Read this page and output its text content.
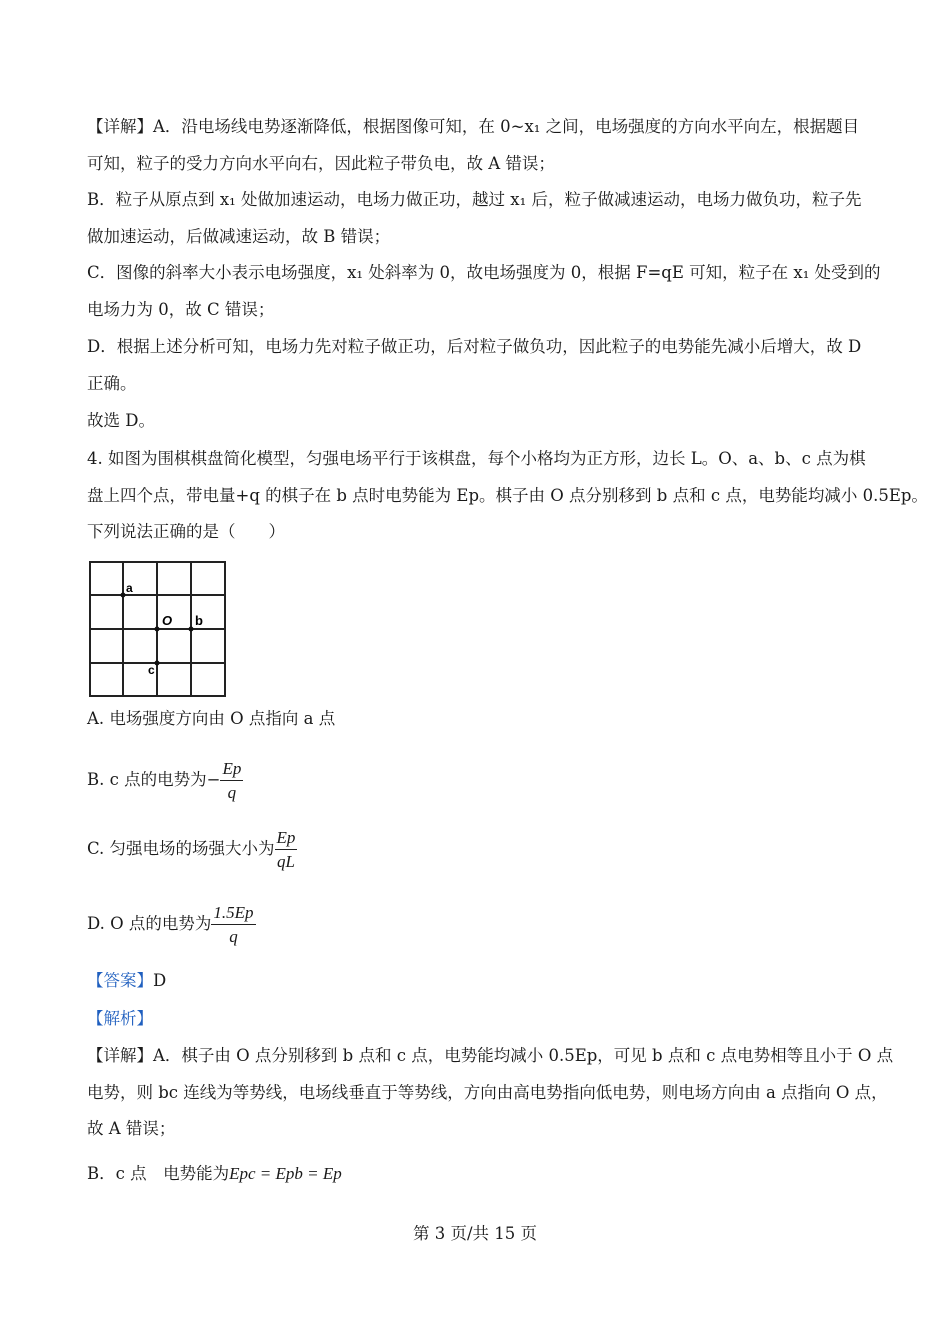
【详解】A．沿电场线电势逐渐降低，根据图像可知，在 0~x₁ 之间，电场强度的方向水平向左，根据题目
可知，粒子的受力方向水平向右，因此粒子带负电，故 A 错误；
B．粒子从原点到 x₁ 处做加速运动，电场力做正功，越过 x₁ 后，粒子做减速运动，电场力做负功，粒子先
做加速运动，后做减速运动，故 B 错误；
C．图像的斜率大小表示电场强度，x₁ 处斜率为 0，故电场强度为 0，根据 F=qE 可知，粒子在 x₁ 处受到的
电场力为 0，故 C 错误；
D．根据上述分析可知，电场力先对粒子做正功，后对粒子做负功，因此粒子的电势能先减小后增大，故 D
正确。
故选 D。
4. 如图为围棋棋盘简化模型，匀强电场平行于该棋盘，每个小格均为正方形，边长 L。O、a、b、c 点为棋
盘上四个点，带电量+q 的棋子在 b 点时电势能为 Ep。棋子由 O 点分别移到 b 点和 c 点，电势能均减小 0.5Ep。
下列说法正确的是（　　）
a
O b
c
A. 电场强度方向由 O 点指向 a 点
B. c 点的电势为− $\frac{Ep}{q}$
C. 匀强电场的场强大小为 $\frac{Ep}{qL}$
D. O 点的电势为 $\frac{1.5Ep}{q}$
【答案】D
【解析】
【详解】A．棋子由 O 点分别移到 b 点和 c 点，电势能均减小 0.5Ep，可见 b 点和 c 点电势相等且小于 O 点
电势，则 bc 连线为等势线，电场线垂直于等势线，方向由高电势指向低电势，则电场方向由 a 点指向 O 点，
故 A 错误；
B．c 点　电势能为Epc = Epb = Ep
第 3 页/共 15 页
